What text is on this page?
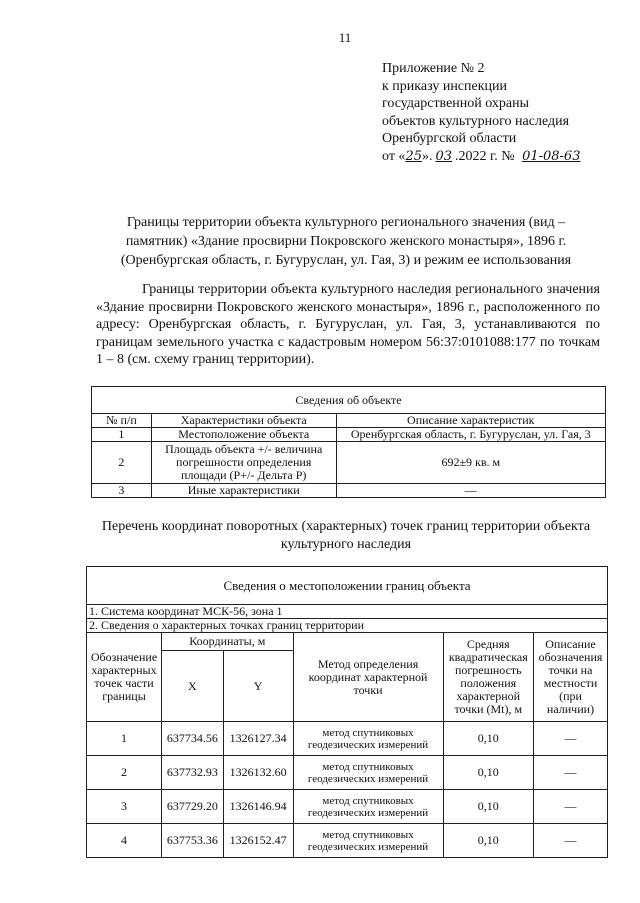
11
Приложение № 2
к приказу инспекции
государственной охраны
объектов культурного наследия
Оренбургской области
от «25». 03 .2022 г. № 01-08-63
Границы территории объекта культурного регионального значения (вид – памятник) «Здание просвирни Покровского женского монастыря», 1896 г. (Оренбургская область, г. Бугуруслан, ул. Гая, 3) и режим ее использования

Границы территории объекта культурного наследия регионального значения «Здание просвирни Покровского женского монастыря», 1896 г., расположенного по адресу: Оренбургская область, г. Бугуруслан, ул. Гая, 3, устанавливаются по границам земельного участка с кадастровым номером 56:37:0101088:177 по точкам 1 – 8 (см. схему границ территории).

Сведения об объекте		
№ п/п	Характеристики объекта	Описание характеристик
1	Местоположение объекта	Оренбургская область, г. Бугуруслан, ул. Гая, 3
2	Площадь объекта +/- величина погрешности определения площади (Р+/- Дельта Р)	692±9 кв. м
3	Иные характеристики	—
Перечень координат поворотных (характерных) точек границ территории объекта культурного наследия
Сведения о местоположении границ объекта					
1. Система координат МСК-56, зона 1					
2. Сведения о характерных точках границ территории					
Обозначение характерных точек части границы	Координаты, м		Метод определения координат характерной точки	Средняя квадратическая погрешность положения характерной точки (Mt), м	Описание обозначения точки на местности (при наличии)
	X	Y			
1	637734.56	1326127.34	метод спутниковых геодезических измерений	0,10	—
2	637732.93	1326132.60	метод спутниковых геодезических измерений	0,10	—
3	637729.20	1326146.94	метод спутниковых геодезических измерений	0,10	—
4	637753.36	1326152.47	метод спутниковых геодезических измерений	0,10	—
